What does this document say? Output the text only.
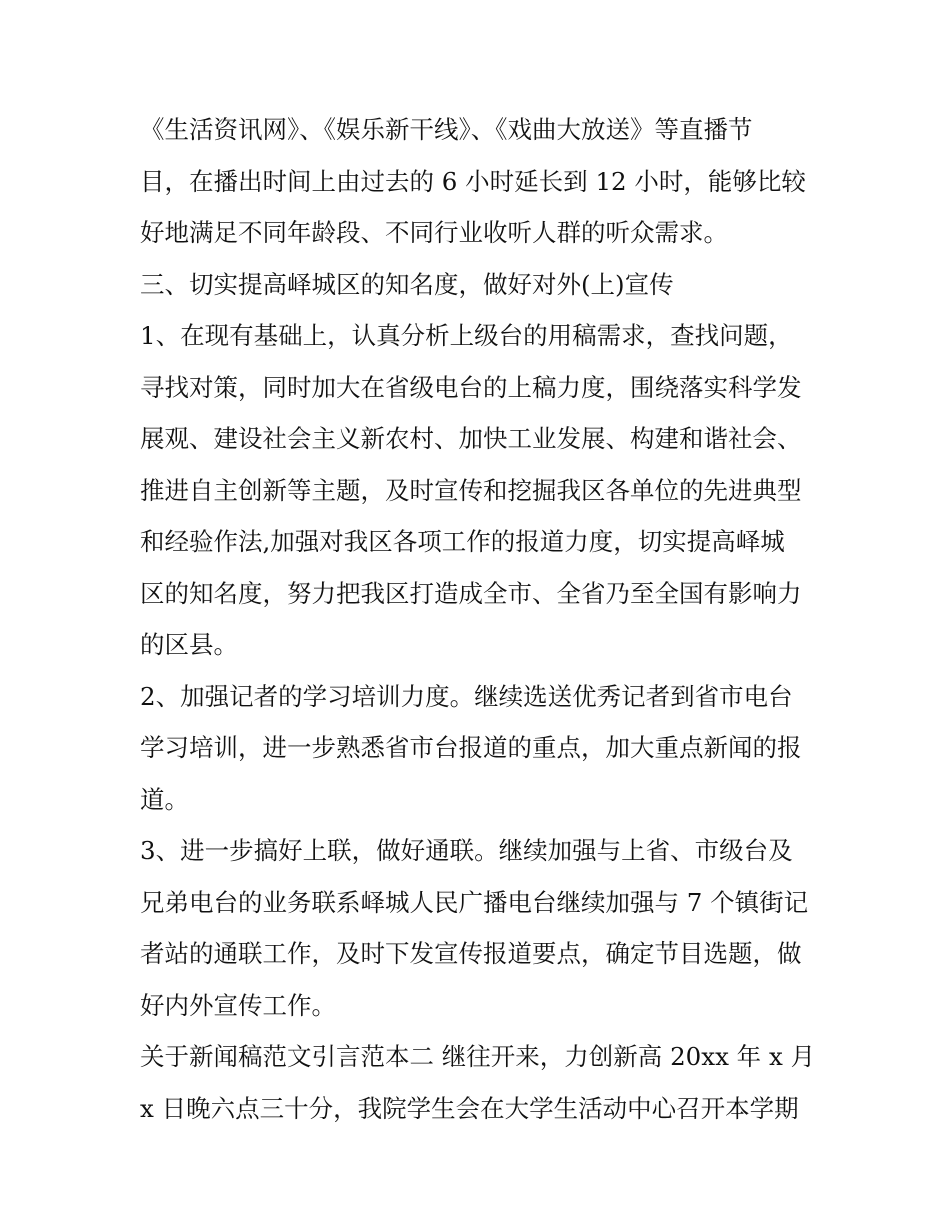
《生活资讯网》、《娱乐新干线》、《戏曲大放送》等直播节
目，在播出时间上由过去的 6 小时延长到 12 小时，能够比较
好地满足不同年龄段、不同行业收听人群的听众需求。
三、切实提高峄城区的知名度，做好对外(上)宣传
1、在现有基础上，认真分析上级台的用稿需求，查找问题，
寻找对策，同时加大在省级电台的上稿力度，围绕落实科学发
展观、建设社会主义新农村、加快工业发展、构建和谐社会、
推进自主创新等主题，及时宣传和挖掘我区各单位的先进典型
和经验作法,加强对我区各项工作的报道力度，切实提高峄城
区的知名度，努力把我区打造成全市、全省乃至全国有影响力
的区县。
2、加强记者的学习培训力度。继续选送优秀记者到省市电台
学习培训，进一步熟悉省市台报道的重点，加大重点新闻的报
道。
3、进一步搞好上联，做好通联。继续加强与上省、市级台及
兄弟电台的业务联系峄城人民广播电台继续加强与 7 个镇街记
者站的通联工作，及时下发宣传报道要点，确定节目选题，做
好内外宣传工作。
关于新闻稿范文引言范本二 继往开来，力创新高 20xx 年 x 月
x 日晚六点三十分，我院学生会在大学生活动中心召开本学期
